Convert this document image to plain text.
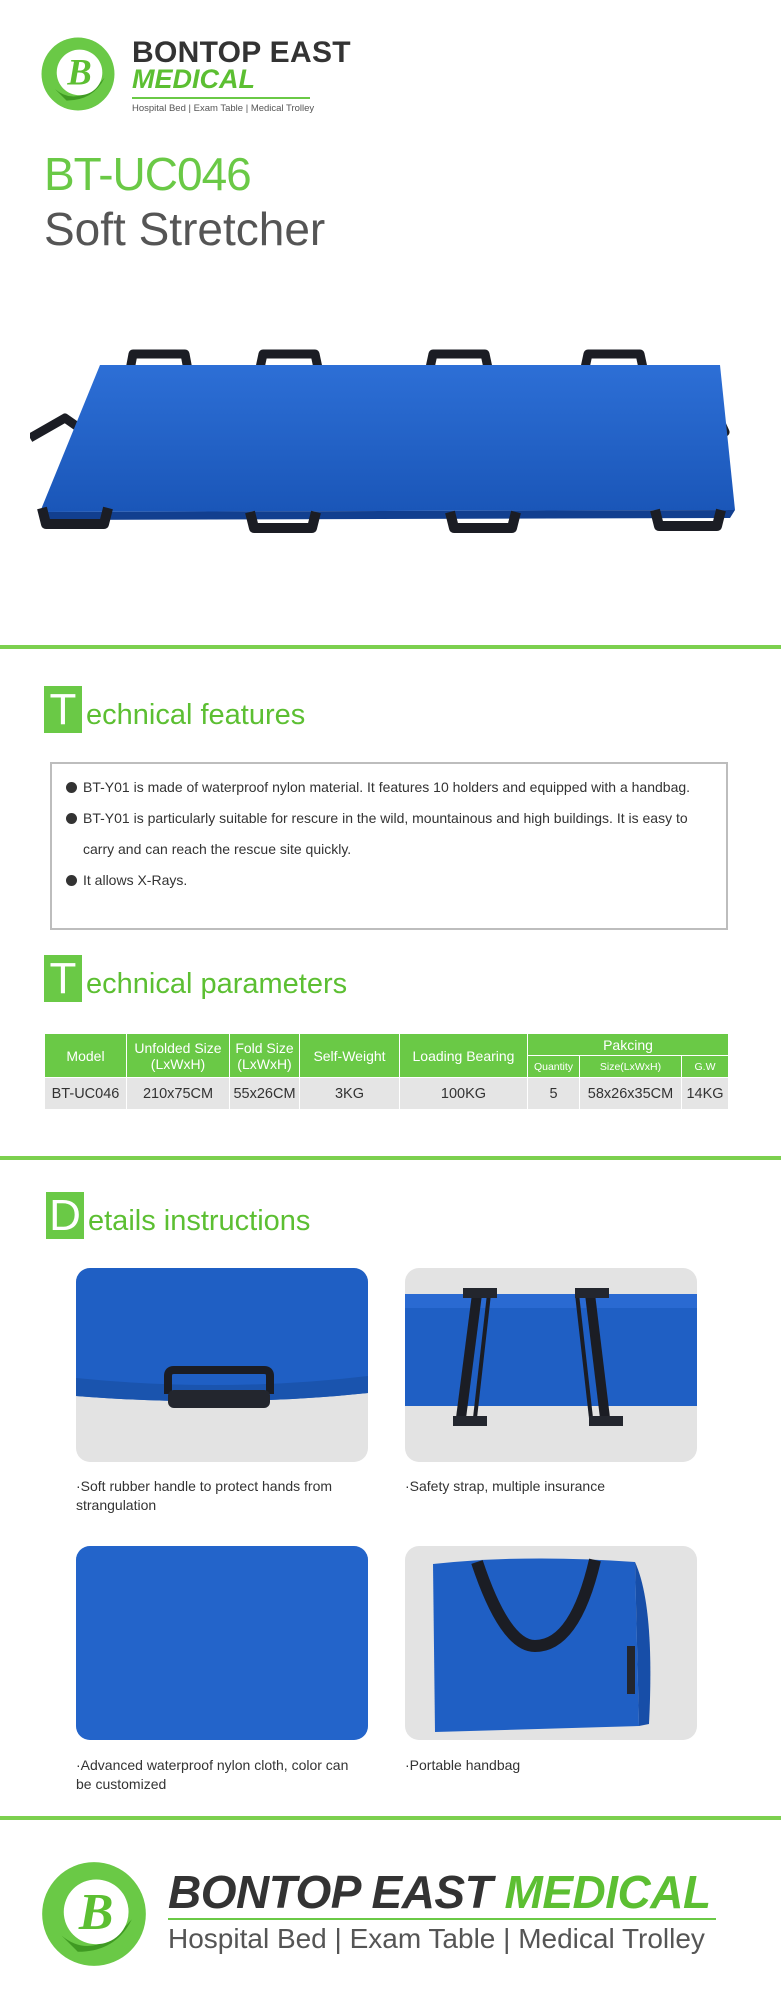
B BONTOP EAST
MEDICAL
Hospital Bed | Exam Table | Medical Trolley
BT-UC046
Soft Stretcher
T echnical features
BT-Y01 is made of waterproof nylon material. It features 10 holders and equipped with a handbag.
BT-Y01 is particularly suitable for rescure in the wild, mountainous and high buildings. It is easy to carry and can reach the rescue site quickly.
It allows X-Rays.
T echnical parameters
Model	Unfolded Size (LxWxH)	Fold Size (LxWxH)	Self-Weight	Loading Bearing	Pakcing		
					Quantity	Size(LxWxH)	G.W
BT-UC046	210x75CM	55x26CM	3KG	100KG	5	58x26x35CM	14KG
D etails instructions
·Soft rubber handle to protect hands from strangulation
·Safety strap, multiple insurance
·Advanced waterproof nylon cloth, color can be customized
·Portable handbag
B BONTOP EAST MEDICAL
Hospital Bed | Exam Table | Medical Trolley
